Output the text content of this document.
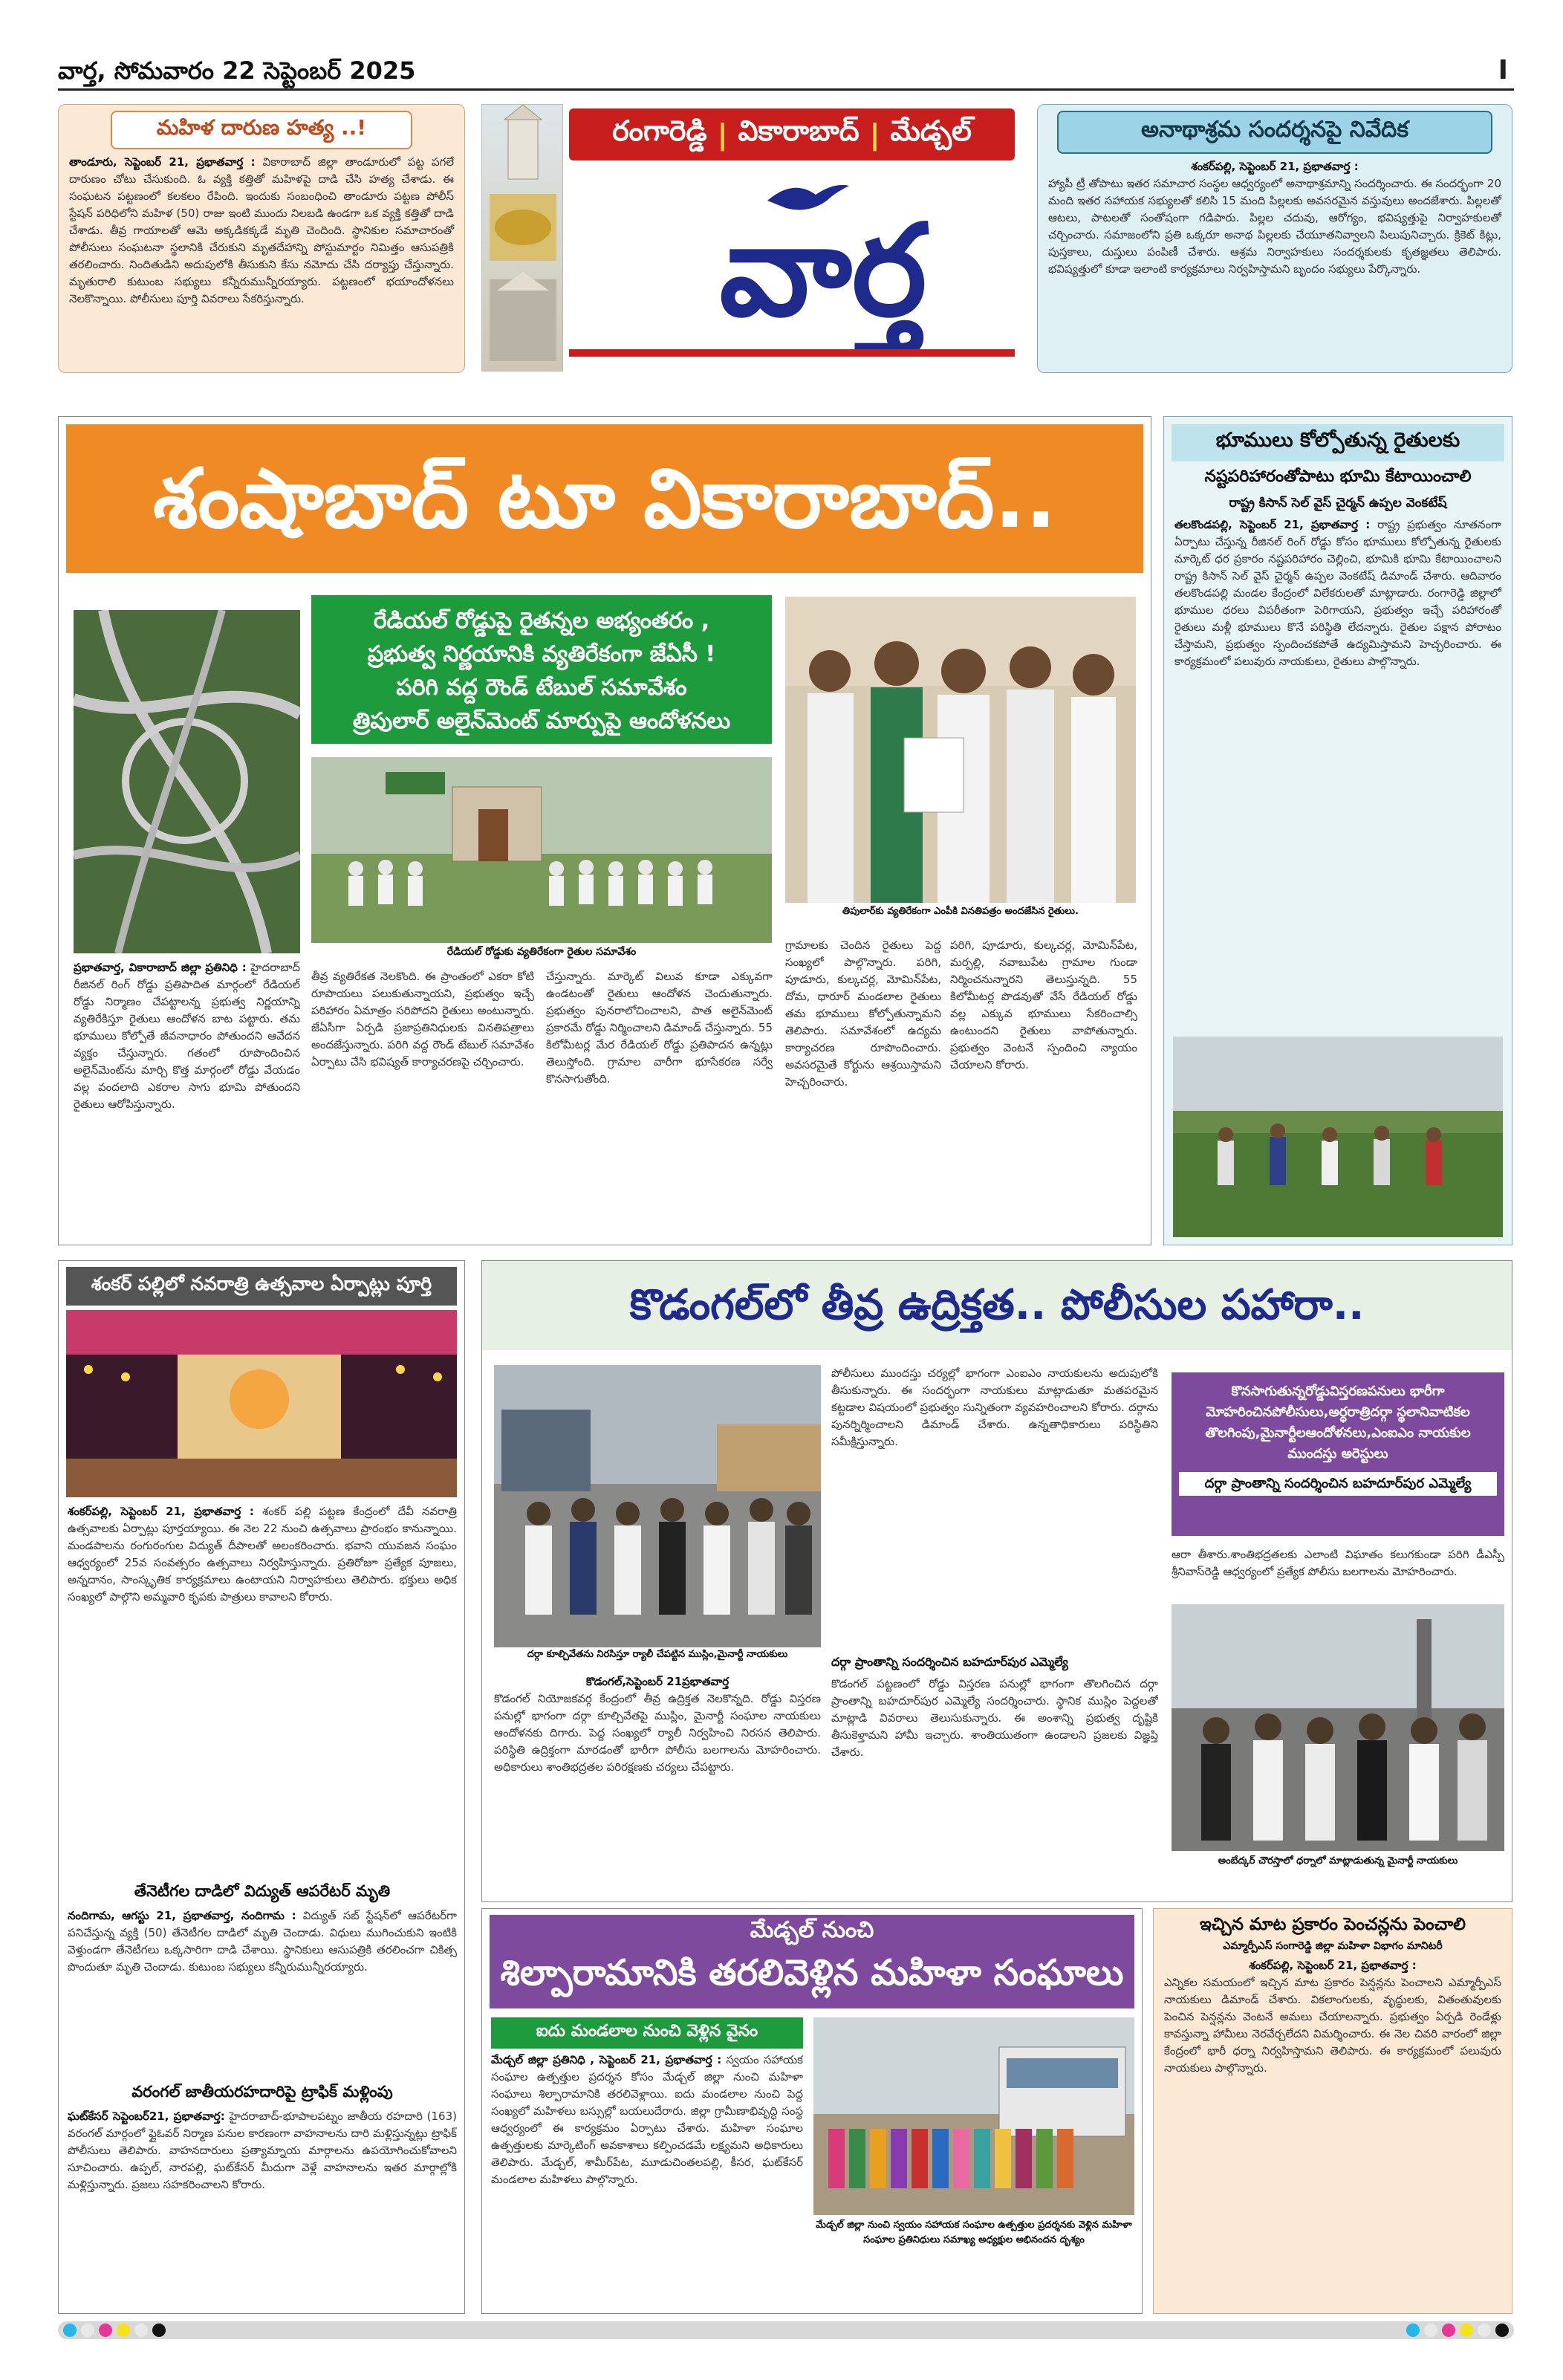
వార్త, సోమవారం 22 సెప్టెంబర్ 2025	I
మహిళ దారుణ హత్య ..!
తాండూరు, సెప్టెంబర్ 21, ప్రభాతవార్త : వికారాబాద్ జిల్లా తాండూరులో పట్ట పగలే దారుణం చోటు చేసుకుంది. ఓ వ్యక్తి కత్తితో మహిళపై దాడి చేసి హత్య చేశాడు. ఈ సంఘటన పట్టణంలో కలకలం రేపింది. ఇందుకు సంబంధించి తాండూరు పట్టణ పోలీస్ స్టేషన్ పరిధిలోని మహిళ (50) రాజు ఇంటి ముందు నిలబడి ఉండగా ఒక వ్యక్తి కత్తితో దాడి చేశాడు. తీవ్ర గాయాలతో ఆమె అక్కడికక్కడే మృతి చెందింది. స్థానికుల సమాచారంతో పోలీసులు సంఘటనా స్థలానికి చేరుకుని మృతదేహాన్ని పోస్టుమార్టం నిమిత్తం ఆసుపత్రికి తరలించారు. నిందితుడిని అదుపులోకి తీసుకుని కేసు నమోదు చేసి దర్యాప్తు చేస్తున్నారు. మృతురాలి కుటుంబ సభ్యులు కన్నీరుమున్నీరయ్యారు. పట్టణంలో భయాందోళనలు నెలకొన్నాయి. పోలీసులు పూర్తి వివరాలు సేకరిస్తున్నారు.
రంగారెడ్డి | వికారాబాద్ | మేడ్చల్
వార్త
అనాథాశ్రమ సందర్శనపై నివేదిక
శంకర్‌పల్లి, సెప్టెంబర్ 21, ప్రభాతవార్త :
హ్యాపీ ట్రీ తోపాటు ఇతర సమాచార సంస్థల ఆధ్వర్యంలో అనాథాశ్రమాన్ని సందర్శించారు. ఈ సందర్భంగా 20 మంది ఇతర సహాయక సభ్యులతో కలిసి 15 మంది పిల్లలకు అవసరమైన వస్తువులు అందజేశారు. పిల్లలతో ఆటలు, పాటలతో సంతోషంగా గడిపారు. పిల్లల చదువు, ఆరోగ్యం, భవిష్యత్తుపై నిర్వాహకులతో చర్చించారు. సమాజంలోని ప్రతి ఒక్కరూ అనాథ పిల్లలకు చేయూతనివ్వాలని పిలుపునిచ్చారు. క్రికెట్ కిట్లు, పుస్తకాలు, దుస్తులు పంపిణీ చేశారు. ఆశ్రమ నిర్వాహకులు సందర్శకులకు కృతజ్ఞతలు తెలిపారు. భవిష్యత్తులో కూడా ఇలాంటి కార్యక్రమాలు నిర్వహిస్తామని బృందం సభ్యులు పేర్కొన్నారు.
శంషాబాద్ టూ వికారాబాద్..
రేడియల్ రోడ్డుపై రైతన్నల అభ్యంతరం ,
ప్రభుత్వ నిర్ణయానికి వ్యతిరేకంగా జేఏసీ !
పరిగి వద్ద రౌండ్ టేబుల్ సమావేశం
త్రిపులార్ అలైన్‌మెంట్ మార్పుపై ఆందోళనలు
రేడియల్ రోడ్డుకు వ్యతిరేకంగా రైతుల సమావేశం
తిపులార్‌కు వ్యతిరేకంగా ఎంపీకి వినతిపత్రం అందజేసిన రైతులు.
ప్రభాతవార్త, వికారాబాద్ జిల్లా ప్రతినిధి : హైదరాబాద్ రీజినల్ రింగ్ రోడ్డు ప్రతిపాదిత మార్గంలో రేడియల్ రోడ్డు నిర్మాణం చేపట్టాలన్న ప్రభుత్వ నిర్ణయాన్ని వ్యతిరేకిస్తూ రైతులు ఆందోళన బాట పట్టారు. తమ భూములు కోల్పోతే జీవనాధారం పోతుందని ఆవేదన వ్యక్తం చేస్తున్నారు. గతంలో రూపొందించిన అలైన్‌మెంట్‌ను మార్చి కొత్త మార్గంలో రోడ్డు వేయడం వల్ల వందలాది ఎకరాల సాగు భూమి పోతుందని రైతులు ఆరోపిస్తున్నారు.
తీవ్ర వ్యతిరేకత నెలకొంది. ఈ ప్రాంతంలో ఎకరా కోటి రూపాయలు పలుకుతున్నాయని, ప్రభుత్వం ఇచ్చే పరిహారం ఏమాత్రం సరిపోదని రైతులు అంటున్నారు. జేఏసీగా ఏర్పడి ప్రజాప్రతినిధులకు వినతిపత్రాలు అందజేస్తున్నారు. పరిగి వద్ద రౌండ్ టేబుల్ సమావేశం ఏర్పాటు చేసి భవిష్యత్ కార్యాచరణపై చర్చించారు.
చేస్తున్నారు. మార్కెట్ విలువ కూడా ఎక్కువగా ఉండటంతో రైతులు ఆందోళన చెందుతున్నారు. ప్రభుత్వం పునరాలోచించాలని, పాత అలైన్‌మెంట్ ప్రకారమే రోడ్డు నిర్మించాలని డిమాండ్ చేస్తున్నారు. 55 కిలోమీటర్ల మేర రేడియల్ రోడ్డు ప్రతిపాదన ఉన్నట్లు తెలుస్తోంది. గ్రామాల వారీగా భూసేకరణ సర్వే కొనసాగుతోంది.
గ్రామాలకు చెందిన రైతులు పెద్ద సంఖ్యలో పాల్గొన్నారు. పరిగి, పూడూరు, కుల్కచర్ల, మోమిన్‌పేట, దోమ, ధారూర్ మండలాల రైతులు తమ భూములు కోల్పోతున్నామని తెలిపారు. సమావేశంలో ఉద్యమ కార్యాచరణ రూపొందించారు. అవసరమైతే కోర్టును ఆశ్రయిస్తామని హెచ్చరించారు.
పరిగి, పూడూరు, కుల్కచర్ల, మోమిన్‌పేట, మర్పల్లి, నవాబుపేట గ్రామాల గుండా నిర్మించనున్నారని తెలుస్తున్నది. 55 కిలోమీటర్ల పొడవుతో వేసే రేడియల్ రోడ్డు వల్ల ఎక్కువ భూములు సేకరించాల్సి ఉంటుందని రైతులు వాపోతున్నారు. ప్రభుత్వం వెంటనే స్పందించి న్యాయం చేయాలని కోరారు.
భూములు కోల్పోతున్న రైతులకు
నష్టపరిహారంతోపాటు భూమి కేటాయించాలి
రాష్ట్ర కిసాన్ సెల్ వైస్ చైర్మన్ ఉప్పల వెంకటేష్
తలకొండపల్లి, సెప్టెంబర్ 21, ప్రభాతవార్త : రాష్ట్ర ప్రభుత్వం నూతనంగా ఏర్పాటు చేస్తున్న రీజినల్ రింగ్ రోడ్డు కోసం భూములు కోల్పోతున్న రైతులకు మార్కెట్ ధర ప్రకారం నష్టపరిహారం చెల్లించి, భూమికి భూమి కేటాయించాలని రాష్ట్ర కిసాన్ సెల్ వైస్ చైర్మన్ ఉప్పల వెంకటేష్ డిమాండ్ చేశారు. ఆదివారం తలకొండపల్లి మండల కేంద్రంలో విలేకరులతో మాట్లాడారు. రంగారెడ్డి జిల్లాలో భూముల ధరలు విపరీతంగా పెరిగాయని, ప్రభుత్వం ఇచ్చే పరిహారంతో రైతులు మళ్లీ భూములు కొనే పరిస్థితి లేదన్నారు. రైతుల పక్షాన పోరాటం చేస్తామని, ప్రభుత్వం స్పందించకపోతే ఉద్యమిస్తామని హెచ్చరించారు. ఈ కార్యక్రమంలో పలువురు నాయకులు, రైతులు పాల్గొన్నారు.
శంకర్ పల్లిలో నవరాత్రి ఉత్సవాల ఏర్పాట్లు పూర్తి
శంకర్‌పల్లి, సెప్టెంబర్ 21, ప్రభాతవార్త : శంకర్ పల్లి పట్టణ కేంద్రంలో దేవీ నవరాత్రి ఉత్సవాలకు ఏర్పాట్లు పూర్తయ్యాయి. ఈ నెల 22 నుంచి ఉత్సవాలు ప్రారంభం కానున్నాయి. మండపాలను రంగురంగుల విద్యుత్ దీపాలతో అలంకరించారు. భవాని యువజన సంఘం ఆధ్వర్యంలో 25వ సంవత్సరం ఉత్సవాలు నిర్వహిస్తున్నారు. ప్రతిరోజూ ప్రత్యేక పూజలు, అన్నదానం, సాంస్కృతిక కార్యక్రమాలు ఉంటాయని నిర్వాహకులు తెలిపారు. భక్తులు అధిక సంఖ్యలో పాల్గొని అమ్మవారి కృపకు పాత్రులు కావాలని కోరారు.
తేనెటీగల దాడిలో విద్యుత్ ఆపరేటర్ మృతి
నందిగామ, ఆగస్టు 21, ప్రభాతవార్త, నందిగామ : విద్యుత్ సబ్ స్టేషన్‌లో ఆపరేటర్‌గా పనిచేస్తున్న వ్యక్తి (50) తేనెటీగల దాడిలో మృతి చెందాడు. విధులు ముగించుకుని ఇంటికి వెళ్తుండగా తేనెటీగలు ఒక్కసారిగా దాడి చేశాయి. స్థానికులు ఆసుపత్రికి తరలించగా చికిత్స పొందుతూ మృతి చెందాడు. కుటుంబ సభ్యులు కన్నీరుమున్నీరయ్యారు.
వరంగల్ జాతీయరహదారిపై ట్రాఫిక్ మళ్లింపు
ఘట్‌కేసర్ సెప్టెంబర్21, ప్రభాతవార్త: హైదరాబాద్-భూపాలపట్నం జాతీయ రహదారి (163) వరంగల్ మార్గంలో ఫ్లైఓవర్ నిర్మాణ పనుల కారణంగా వాహనాలను దారి మళ్లిస్తున్నట్లు ట్రాఫిక్ పోలీసులు తెలిపారు. వాహనదారులు ప్రత్యామ్నాయ మార్గాలను ఉపయోగించుకోవాలని సూచించారు. ఉప్పల్, నారపల్లి, ఘట్‌కేసర్ మీదుగా వెళ్లే వాహనాలను ఇతర మార్గాల్లోకి మళ్లిస్తున్నారు. ప్రజలు సహకరించాలని కోరారు.
కొడంగల్‌లో తీవ్ర ఉద్రిక్తత.. పోలీసుల పహారా..
దర్గా కూల్చివేతను నిరసిస్తూ ర్యాలీ చేపట్టిన ముస్లిం,మైనార్టీ నాయకులు
కొడంగల్,సెప్టెంబర్ 21ప్రభాతవార్త
కొడంగల్ నియోజకవర్గ కేంద్రంలో తీవ్ర ఉద్రిక్తత నెలకొన్నది. రోడ్డు విస్తరణ పనుల్లో భాగంగా దర్గా కూల్చివేతపై ముస్లిం, మైనార్టీ సంఘాల నాయకులు ఆందోళనకు దిగారు. పెద్ద సంఖ్యలో ర్యాలీ నిర్వహించి నిరసన తెలిపారు. పరిస్థితి ఉద్రిక్తంగా మారడంతో భారీగా పోలీసు బలగాలను మోహరించారు. అధికారులు శాంతిభద్రతల పరిరక్షణకు చర్యలు చేపట్టారు.
పోలీసులు ముందస్తు చర్యల్లో భాగంగా ఎంఐఎం నాయకులను అదుపులోకి తీసుకున్నారు. ఈ సందర్భంగా నాయకులు మాట్లాడుతూ మతపరమైన కట్టడాల విషయంలో ప్రభుత్వం సున్నితంగా వ్యవహరించాలని కోరారు. దర్గాను పునర్నిర్మించాలని డిమాండ్ చేశారు. ఉన్నతాధికారులు పరిస్థితిని సమీక్షిస్తున్నారు.
దర్గా ప్రాంతాన్ని సందర్శించిన బహదూర్‌పుర ఎమ్మెల్యే
కొడంగల్ పట్టణంలో రోడ్డు విస్తరణ పనుల్లో భాగంగా తొలగించిన దర్గా ప్రాంతాన్ని బహదూర్‌పుర ఎమ్మెల్యే సందర్శించారు. స్థానిక ముస్లిం పెద్దలతో మాట్లాడి వివరాలు తెలుసుకున్నారు. ఈ అంశాన్ని ప్రభుత్వ దృష్టికి తీసుకెళ్తామని హామీ ఇచ్చారు. శాంతియుతంగా ఉండాలని ప్రజలకు విజ్ఞప్తి చేశారు.
కొనసాగుతున్నరోడ్డువిస్తరణపనులు భారీగా
మోహరించినపోలీసులు,అర్ధరాత్రిదర్గా స్థలానివాటికల
తొలగింపు,మైనార్టీలఆందోళనలు,ఎంఐఎం నాయకుల
ముందస్తు అరెస్టులు
దర్గా ప్రాంతాన్ని సందర్శించిన బహదూర్‌పుర ఎమ్మెల్యే
ఆరా తీశారు.శాంతిభద్రతలకు ఎలాంటి విఘాతం కలుగకుండా పరిగి డీఎస్పీ శ్రీనివాస్‌రెడ్డి ఆధ్వర్యంలో ప్రత్యేక పోలీసు బలగాలను మోహరించారు.
అంబేద్కర్ చౌరస్తాలో ధర్నాలో మాట్లాడుతున్న మైనార్టీ నాయకులు
మేడ్చల్ నుంచి
శిల్పారామానికి తరలివెళ్లిన మహిళా సంఘాలు
ఐదు మండలాల నుంచి వెళ్లిన వైనం
మేడ్చల్ జిల్లా ప్రతినిధి , సెప్టెంబర్ 21, ప్రభాతవార్త : స్వయం సహాయక సంఘాల ఉత్పత్తుల ప్రదర్శన కోసం మేడ్చల్ జిల్లా నుంచి మహిళా సంఘాలు శిల్పారామానికి తరలివెళ్లాయి. ఐదు మండలాల నుంచి పెద్ద సంఖ్యలో మహిళలు బస్సుల్లో బయలుదేరారు. జిల్లా గ్రామీణాభివృద్ధి సంస్థ ఆధ్వర్యంలో ఈ కార్యక్రమం ఏర్పాటు చేశారు. మహిళా సంఘాల ఉత్పత్తులకు మార్కెటింగ్ అవకాశాలు కల్పించడమే లక్ష్యమని అధికారులు తెలిపారు. మేడ్చల్, శామీర్‌పేట, మూడుచింతలపల్లి, కీసర, ఘట్‌కేసర్ మండలాల మహిళలు పాల్గొన్నారు.
మేడ్చల్ జిల్లా నుంచి స్వయం సహాయక సంఘాల ఉత్పత్తుల ప్రదర్శనకు వెళ్లిన మహిళా సంఘాల ప్రతినిధులు సమాఖ్య అధ్యక్షుల అభినందన దృశ్యం
ఇచ్చిన మాట ప్రకారం పెంచన్లను పెంచాలి
ఎమ్మార్పీఎస్ సంగారెడ్డి జిల్లా మహిళా విభాగం మానిటరీ
శంకర్‌పల్లి, సెప్టెంబర్ 21, ప్రభాతవార్త :
ఎన్నికల సమయంలో ఇచ్చిన మాట ప్రకారం పెన్షన్లను పెంచాలని ఎమ్మార్పీఎస్ నాయకులు డిమాండ్ చేశారు. వికలాంగులకు, వృద్ధులకు, వితంతువులకు పెంచిన పెన్షన్లను వెంటనే అమలు చేయాలన్నారు. ప్రభుత్వం ఏర్పడి రెండేళ్లు కావస్తున్నా హామీలు నెరవేర్చలేదని విమర్శించారు. ఈ నెల చివరి వారంలో జిల్లా కేంద్రంలో భారీ ధర్నా నిర్వహిస్తామని తెలిపారు. ఈ కార్యక్రమంలో పలువురు నాయకులు పాల్గొన్నారు.
